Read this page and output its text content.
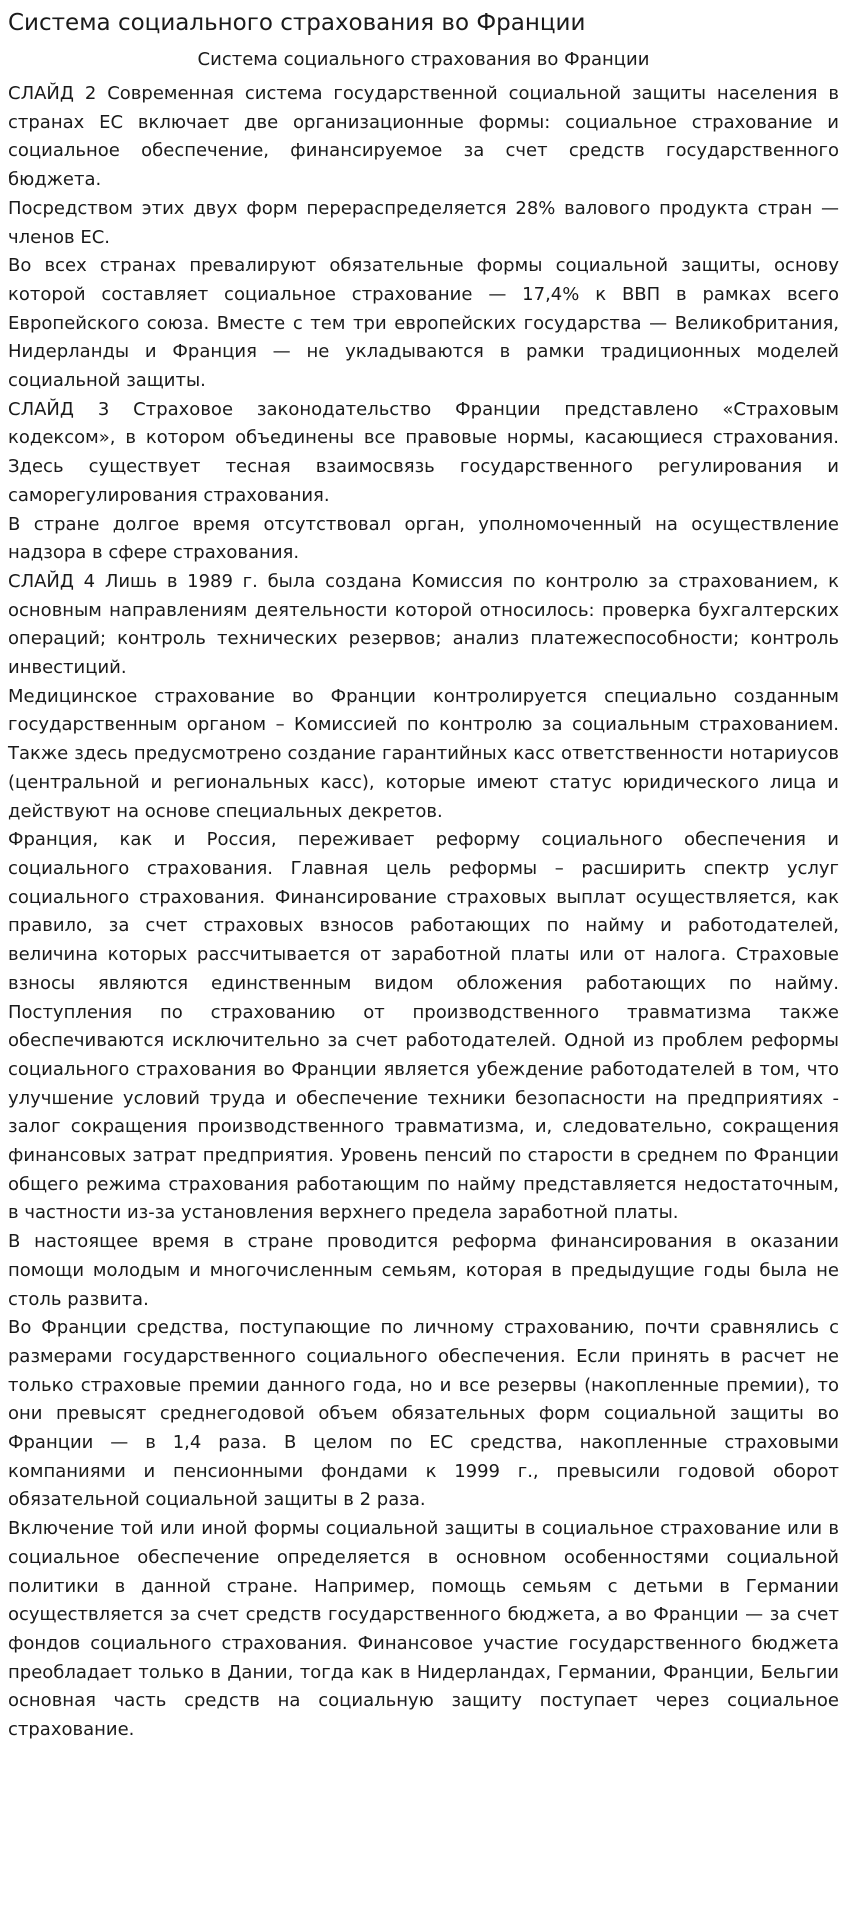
Система социального страхования во Франции
Система социального страхования во Франции

СЛАЙД 2 Современная система государственной социальной защиты населения в странах ЕС включает две организационные формы: социальное страхование и социальное обеспечение, финансируемое за счет средств государственного бюджета.

Посредством этих двух форм перераспределяется 28% валового продукта стран — членов ЕС.

Во всех странах превалируют обязательные формы социальной защиты, основу которой составляет социальное страхование — 17,4% к ВВП в рамках всего Европейского союза. Вместе с тем три европейских государства — Великобритания, Нидерланды и Франция — не укладываются в рамки традиционных моделей социальной защиты.

СЛАЙД 3 Страховое законодательство Франции представлено «Страховым кодексом», в котором объединены все правовые нормы, касающиеся страхования. Здесь существует тесная взаимосвязь государственного регулирования и саморегулирования страхования.

В стране долгое время отсутствовал орган, уполномоченный на осуществление надзора в сфере страхования.

СЛАЙД 4 Лишь в 1989 г. была создана Комиссия по контролю за страхованием, к основным направлениям деятельности которой относилось: проверка бухгалтерских операций; контроль технических резервов; анализ платежеспособности; контроль инвестиций.

Медицинское страхование во Франции контролируется специально созданным государственным органом – Комиссией по контролю за социальным страхованием. Также здесь предусмотрено создание гарантийных касс ответственности нотариусов (центральной и региональных касс), которые имеют статус юридического лица и действуют на основе специальных декретов.

Франция, как и Россия, переживает реформу социального обеспечения и социального страхования. Главная цель реформы – расширить спектр услуг социального страхования. Финансирование страховых выплат осуществляется, как правило, за счет страховых взносов работающих по найму и работодателей, величина которых рассчитывается от заработной платы или от налога. Страховые взносы являются единственным видом обложения работающих по найму. Поступления по страхованию от производственного травматизма также обеспечиваются исключительно за счет работодателей. Одной из проблем реформы социального страхования во Франции является убеждение работодателей в том, что улучшение условий труда и обеспечение техники безопасности на предприятиях - залог сокращения производственного травматизма, и, следовательно, сокращения финансовых затрат предприятия. Уровень пенсий по старости в среднем по Франции общего режима страхования работающим по найму представляется недостаточным, в частности из-за установления верхнего предела заработной платы.

В настоящее время в стране проводится реформа финансирования в оказании помощи молодым и многочисленным семьям, которая в предыдущие годы была не столь развита.

Во Франции средства, поступающие по личному страхованию, почти сравнялись с размерами государственного социального обеспечения. Если принять в расчет не только страховые премии данного года, но и все резервы (накопленные премии), то они превысят среднегодовой объем обязательных форм социальной защиты во Франции — в 1,4 раза. В целом по ЕС средства, накопленные страховыми компаниями и пенсионными фондами к 1999 г., превысили годовой оборот обязательной социальной защиты в 2 раза.

Включение той или иной формы социальной защиты в социальное страхование или в социальное обеспечение определяется в основном особенностями социальной политики в данной стране. Например, помощь семьям с детьми в Германии осуществляется за счет средств государственного бюджета, а во Франции — за счет фондов социального страхования. Финансовое участие государственного бюджета преобладает только в Дании, тогда как в Нидерландах, Германии, Франции, Бельгии основная часть средств на социальную защиту поступает через социальное страхование.
